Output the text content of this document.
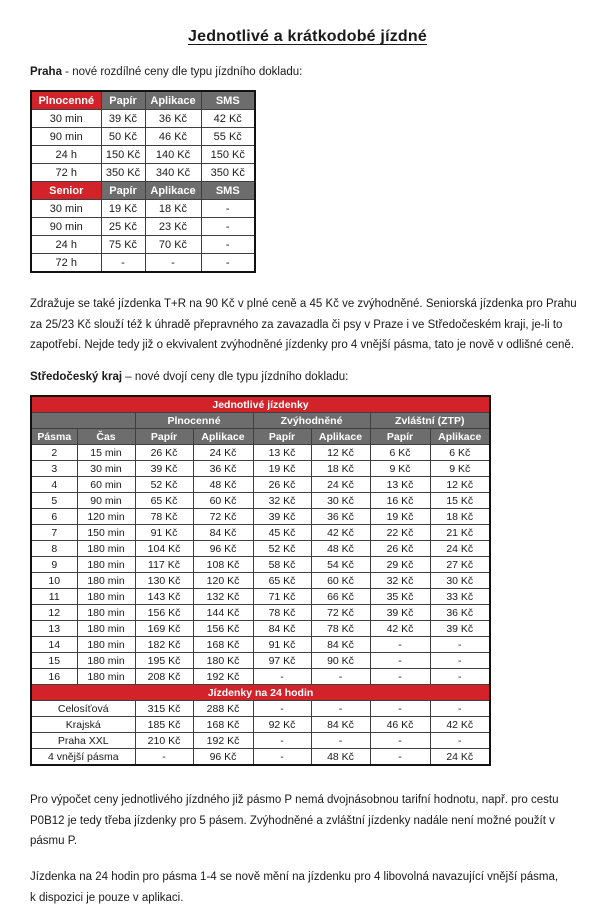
Jednotlivé a krátkodobé jízdné

Praha - nové rozdílné ceny dle typu jízdního dokladu:

Plnocenné	Papír	Aplikace	SMS
30 min	39 Kč	36 Kč	42 Kč
90 min	50 Kč	46 Kč	55 Kč
24 h	150 Kč	140 Kč	150 Kč
72 h	350 Kč	340 Kč	350 Kč
Senior	Papír	Aplikace	SMS
30 min	19 Kč	18 Kč	-
90 min	25 Kč	23 Kč	-
24 h	75 Kč	70 Kč	-
72 h	-	-	-

Zdražuje se také jízdenka T+R na 90 Kč v plné ceně a 45 Kč ve zvýhodněné. Seniorská jízdenka pro Prahu za 25/23 Kč slouží též k úhradě přepravného za zavazadla či psy v Praze i ve Středočeském kraji, je-li to zapotřebí. Nejde tedy již o ekvivalent zvýhodněné jízdenky pro 4 vnější pásma, tato je nově v odlišné ceně.

Středočeský kraj – nové dvojí ceny dle typu jízdního dokladu:

Jednotlivé jízdenky							
		Plnocenné		Zvýhodněné		Zvláštní (ZTP)	
Pásma	Čas	Papír	Aplikace	Papír	Aplikace	Papír	Aplikace
2	15 min	26 Kč	24 Kč	13 Kč	12 Kč	6 Kč	6 Kč
3	30 min	39 Kč	36 Kč	19 Kč	18 Kč	9 Kč	9 Kč
4	60 min	52 Kč	48 Kč	26 Kč	24 Kč	13 Kč	12 Kč
5	90 min	65 Kč	60 Kč	32 Kč	30 Kč	16 Kč	15 Kč
6	120 min	78 Kč	72 Kč	39 Kč	36 Kč	19 Kč	18 Kč
7	150 min	91 Kč	84 Kč	45 Kč	42 Kč	22 Kč	21 Kč
8	180 min	104 Kč	96 Kč	52 Kč	48 Kč	26 Kč	24 Kč
9	180 min	117 Kč	108 Kč	58 Kč	54 Kč	29 Kč	27 Kč
10	180 min	130 Kč	120 Kč	65 Kč	60 Kč	32 Kč	30 Kč
11	180 min	143 Kč	132 Kč	71 Kč	66 Kč	35 Kč	33 Kč
12	180 min	156 Kč	144 Kč	78 Kč	72 Kč	39 Kč	36 Kč
13	180 min	169 Kč	156 Kč	84 Kč	78 Kč	42 Kč	39 Kč
14	180 min	182 Kč	168 Kč	91 Kč	84 Kč	-	-
15	180 min	195 Kč	180 Kč	97 Kč	90 Kč	-	-
16	180 min	208 Kč	192 Kč	-	-	-	-
Jízdenky na 24 hodin							
Celosíťová		315 Kč	288 Kč	-	-	-	-
Krajská		185 Kč	168 Kč	92 Kč	84 Kč	46 Kč	42 Kč
Praha XXL		210 Kč	192 Kč	-	-	-	-
4 vnější pásma		-	96 Kč	-	48 Kč	-	24 Kč

Pro výpočet ceny jednotlivého jízdného již pásmo P nemá dvojnásobnou tarifní hodnotu, např. pro cestu P0B12 je tedy třeba jízdenky pro 5 pásem. Zvýhodněné a zvláštní jízdenky nadále není možné použít v pásmu P.

Jízdenka na 24 hodin pro pásma 1-4 se nově mění na jízdenku pro 4 libovolná navazující vnější pásma,
k dispozici je pouze v aplikaci.
